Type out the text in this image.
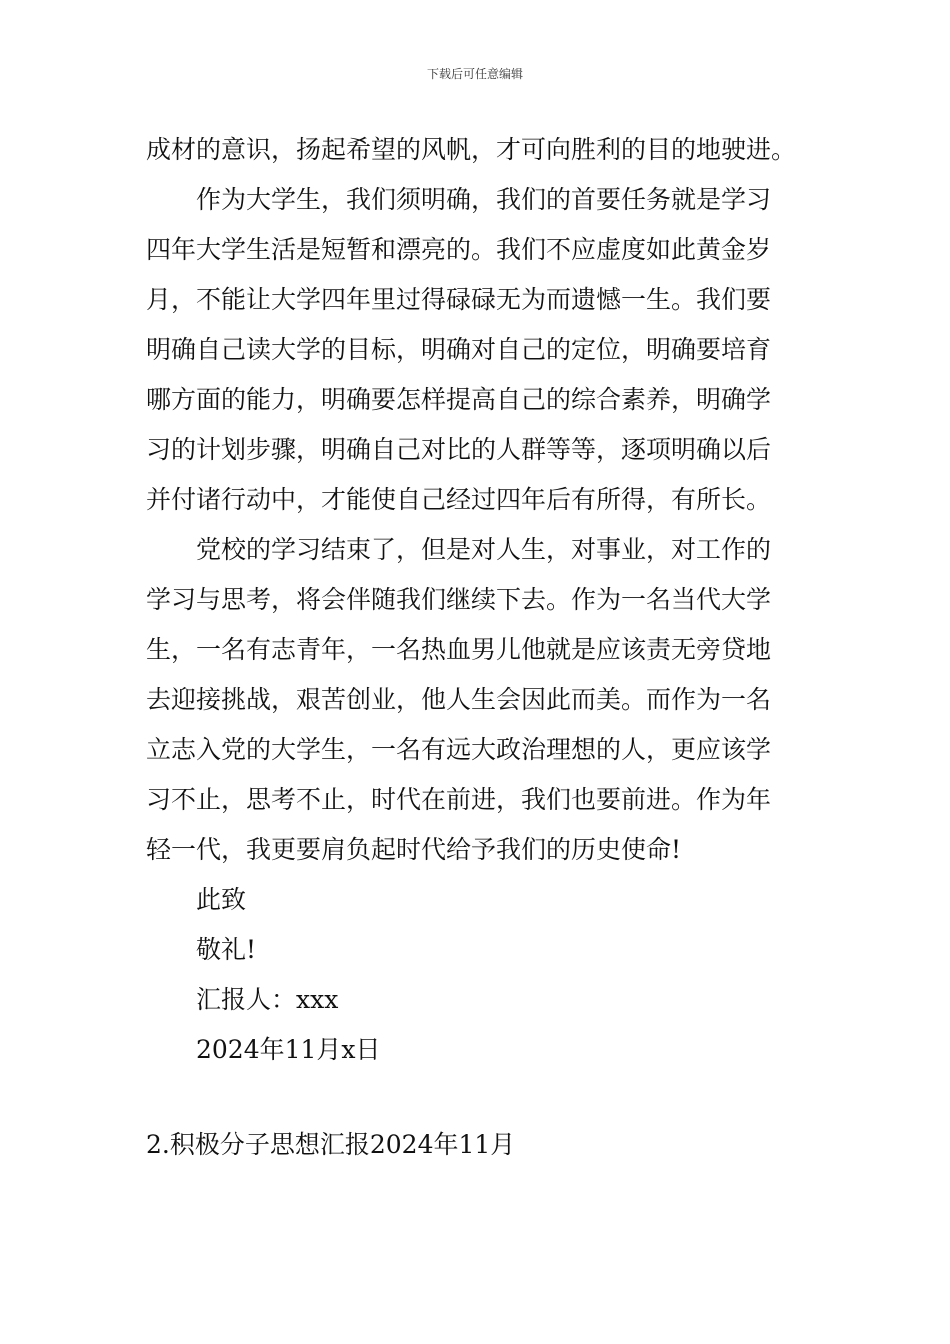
下载后可任意编辑
成材的意识，扬起希望的风帆，才可向胜利的目的地驶进。
作为大学生，我们须明确，我们的首要任务就是学习
四年大学生活是短暂和漂亮的。我们不应虚度如此黄金岁
月，不能让大学四年里过得碌碌无为而遗憾一生。我们要
明确自己读大学的目标，明确对自己的定位，明确要培育
哪方面的能力，明确要怎样提高自己的综合素养，明确学
习的计划步骤，明确自己对比的人群等等，逐项明确以后
并付诸行动中，才能使自己经过四年后有所得，有所长。
党校的学习结束了，但是对人生，对事业，对工作的
学习与思考，将会伴随我们继续下去。作为一名当代大学
生，一名有志青年，一名热血男儿他就是应该责无旁贷地
去迎接挑战，艰苦创业，他人生会因此而美。而作为一名
立志入党的大学生，一名有远大政治理想的人，更应该学
习不止，思考不止，时代在前进，我们也要前进。作为年
轻一代，我更要肩负起时代给予我们的历史使命!
此致
敬礼!
汇报人：xxx
2024年11月x日
2.积极分子思想汇报2024年11月
